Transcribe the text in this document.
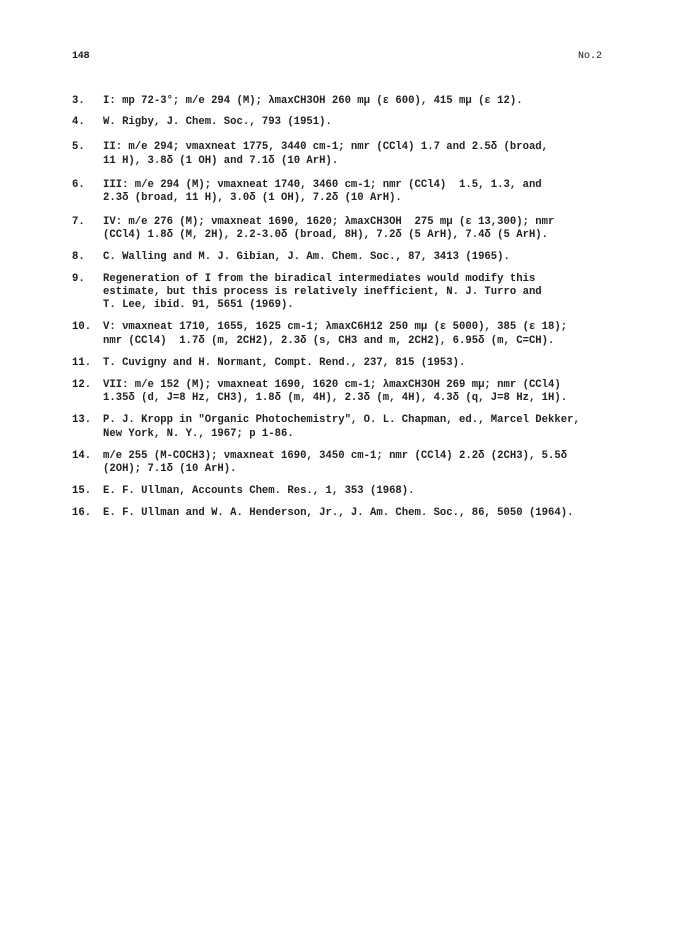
148	No.2
3.	I: mp 72-3°; m/e 294 (M); λmaxCH3OH 260 mμ (ε 600), 415 mμ (ε 12).
4.	W. Rigby, J. Chem. Soc., 793 (1951).
5.	II: m/e 294; νmaxneat 1775, 3440 cm-1; nmr (CCl4) 1.7 and 2.5δ (broad,
11 H), 3.8δ (1 OH) and 7.1δ (10 ArH).
6.	III: m/e 294 (M); νmaxneat 1740, 3460 cm-1; nmr (CCl4)  1.5, 1.3, and
2.3δ (broad, 11 H), 3.0δ (1 OH), 7.2δ (10 ArH).
7.	IV: m/e 276 (M); νmaxneat 1690, 1620; λmaxCH3OH  275 mμ (ε 13,300); nmr
(CCl4) 1.8δ (M, 2H), 2.2-3.0δ (broad, 8H), 7.2δ (5 ArH), 7.4δ (5 ArH).
8.	C. Walling and M. J. Gibian, J. Am. Chem. Soc., 87, 3413 (1965).
9.	Regeneration of I from the biradical intermediates would modify this
estimate, but this process is relatively inefficient, N. J. Turro and
T. Lee, ibid. 91, 5651 (1969).
10.	V: νmaxneat 1710, 1655, 1625 cm-1; λmaxC6H12 250 mμ (ε 5000), 385 (ε 18);
nmr (CCl4)  1.7δ (m, 2CH2), 2.3δ (s, CH3 and m, 2CH2), 6.95δ (m, C=CH).
11.	T. Cuvigny and H. Normant, Compt. Rend., 237, 815 (1953).
12.	VII: m/e 152 (M); νmaxneat 1690, 1620 cm-1; λmaxCH3OH 269 mμ; nmr (CCl4)
1.35δ (d, J=8 Hz, CH3), 1.8δ (m, 4H), 2.3δ (m, 4H), 4.3δ (q, J=8 Hz, 1H).
13.	P. J. Kropp in "Organic Photochemistry", O. L. Chapman, ed., Marcel Dekker,
New York, N. Y., 1967; p 1-86.
14.	m/e 255 (M-COCH3); νmaxneat 1690, 3450 cm-1; nmr (CCl4) 2.2δ (2CH3), 5.5δ
(2OH); 7.1δ (10 ArH).
15.	E. F. Ullman, Accounts Chem. Res., 1, 353 (1968).
16.	E. F. Ullman and W. A. Henderson, Jr., J. Am. Chem. Soc., 86, 5050 (1964).
